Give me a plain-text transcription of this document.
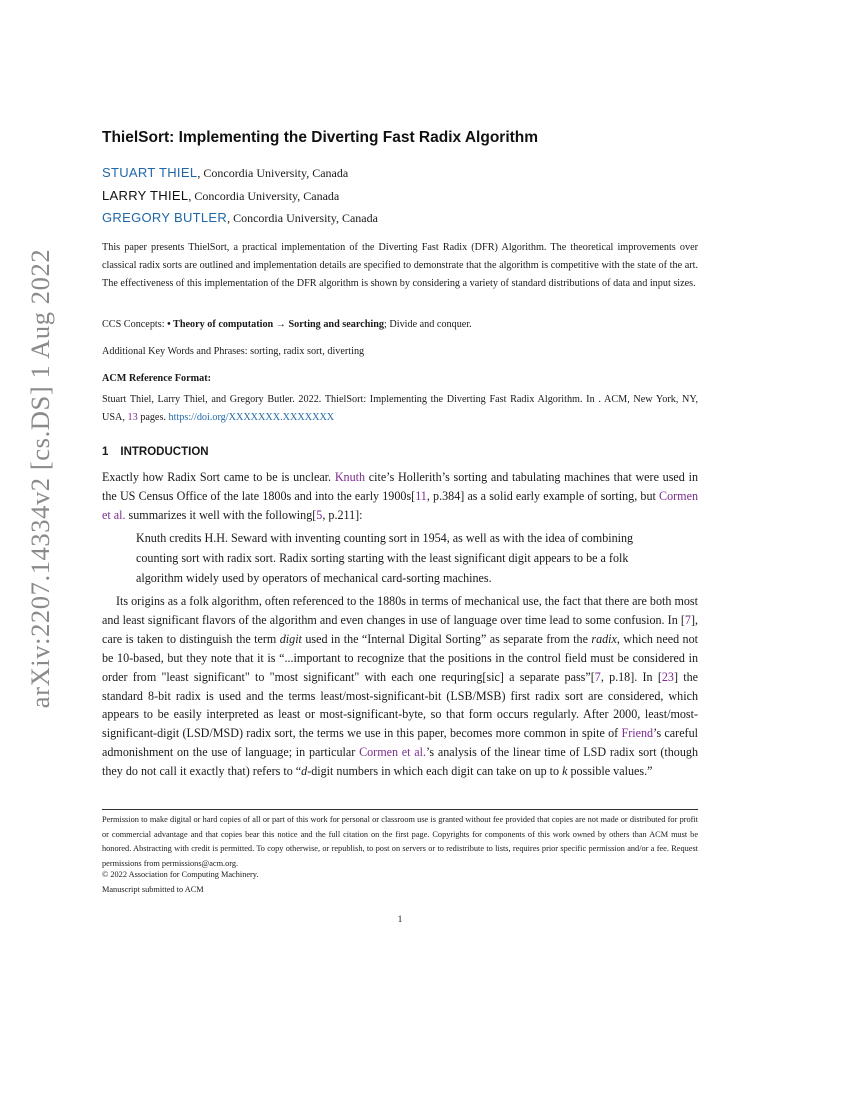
arXiv:2207.14334v2 [cs.DS] 1 Aug 2022
ThielSort: Implementing the Diverting Fast Radix Algorithm
STUART THIEL, Concordia University, Canada
LARRY THIEL, Concordia University, Canada
GREGORY BUTLER, Concordia University, Canada

This paper presents ThielSort, a practical implementation of the Diverting Fast Radix (DFR) Algorithm. The theoretical improvements over classical radix sorts are outlined and implementation details are specified to demonstrate that the algorithm is competitive with the state of the art. The effectiveness of this implementation of the DFR algorithm is shown by considering a variety of standard distributions of data and input sizes.

CCS Concepts: • Theory of computation → Sorting and searching; Divide and conquer.
Additional Key Words and Phrases: sorting, radix sort, diverting
ACM Reference Format:

Stuart Thiel, Larry Thiel, and Gregory Butler. 2022. ThielSort: Implementing the Diverting Fast Radix Algorithm. In . ACM, New York, NY, USA, 13 pages. https://doi.org/XXXXXXX.XXXXXXX

1 INTRODUCTION

Exactly how Radix Sort came to be is unclear. Knuth cite’s Hollerith’s sorting and tabulating machines that were used in the US Census Office of the late 1800s and into the early 1900s[11, p.384] as a solid early example of sorting, but Cormen et al. summarizes it well with the following[5, p.211]:

Knuth credits H.H. Seward with inventing counting sort in 1954, as well as with the idea of combining counting sort with radix sort. Radix sorting starting with the least significant digit appears to be a folk algorithm widely used by operators of mechanical card-sorting machines.

Its origins as a folk algorithm, often referenced to the 1880s in terms of mechanical use, the fact that there are both most and least significant flavors of the algorithm and even changes in use of language over time lead to some confusion. In [7], care is taken to distinguish the term digit used in the “Internal Digital Sorting” as separate from the radix, which need not be 10-based, but they note that it is “...important to recognize that the positions in the control field must be considered in order from "least significant" to "most significant" with each one requring[sic] a separate pass”[7, p.18]. In [23] the standard 8-bit radix is used and the terms least/most-significant-bit (LSB/MSB) first radix sort are considered, which appears to be easily interpreted as least or most-significant-byte, so that form occurs regularly. After 2000, least/most-significant-digit (LSD/MSD) radix sort, the terms we use in this paper, becomes more common in spite of Friend’s careful admonishment on the use of language; in particular Cormen et al.’s analysis of the linear time of LSD radix sort (though they do not call it exactly that) refers to “d-digit numbers in which each digit can take on up to k possible values.”

Permission to make digital or hard copies of all or part of this work for personal or classroom use is granted without fee provided that copies are not made or distributed for profit or commercial advantage and that copies bear this notice and the full citation on the first page. Copyrights for components of this work owned by others than ACM must be honored. Abstracting with credit is permitted. To copy otherwise, or republish, to post on servers or to redistribute to lists, requires prior specific permission and/or a fee. Request permissions from permissions@acm.org.

© 2022 Association for Computing Machinery.
Manuscript submitted to ACM
1
